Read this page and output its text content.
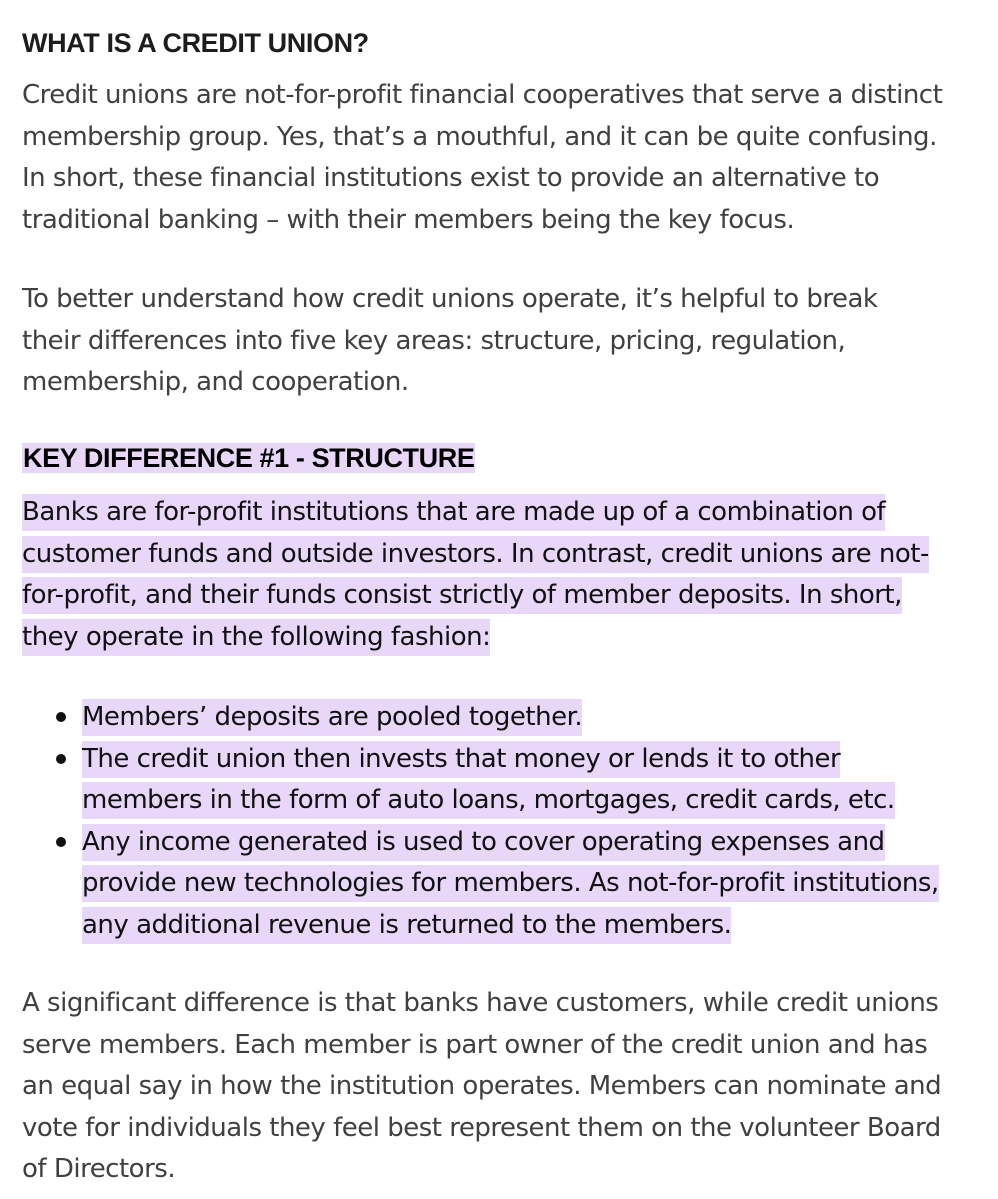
WHAT IS A CREDIT UNION?

Credit unions are not-for-profit financial cooperatives that serve a distinct
membership group. Yes, that’s a mouthful, and it can be quite confusing.
In short, these financial institutions exist to provide an alternative to
traditional banking – with their members being the key focus.

To better understand how credit unions operate, it’s helpful to break
their differences into five key areas: structure, pricing, regulation,
membership, and cooperation.

KEY DIFFERENCE #1 - STRUCTURE

Banks are for-profit institutions that are made up of a combination of
customer funds and outside investors. In contrast, credit unions are not-
for-profit, and their funds consist strictly of member deposits. In short,
they operate in the following fashion:

Members’ deposits are pooled together.
The credit union then invests that money or lends it to other
members in the form of auto loans, mortgages, credit cards, etc.
Any income generated is used to cover operating expenses and
provide new technologies for members. As not-for-profit institutions,
any additional revenue is returned to the members.

A significant difference is that banks have customers, while credit unions
serve members. Each member is part owner of the credit union and has
an equal say in how the institution operates. Members can nominate and
vote for individuals they feel best represent them on the volunteer Board
of Directors.
